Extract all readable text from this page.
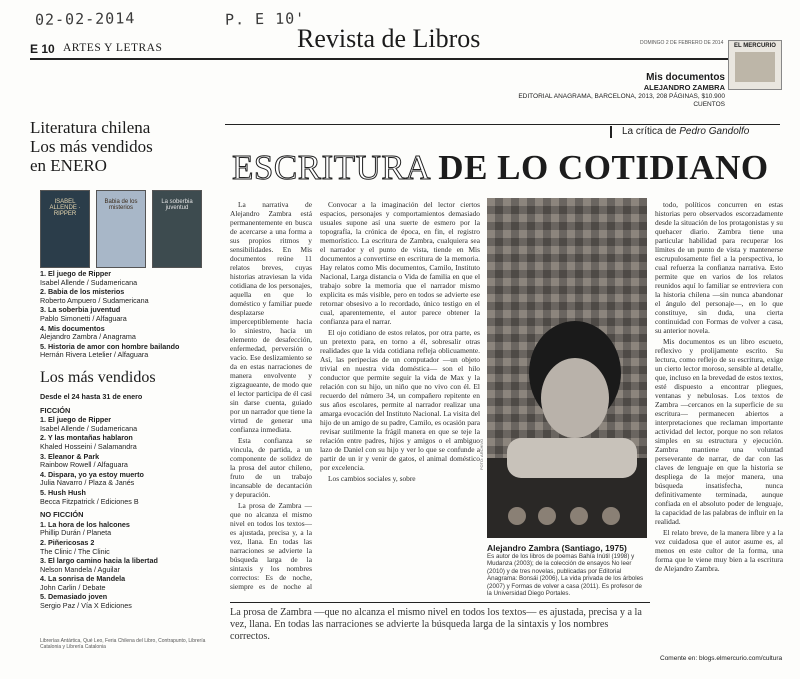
02-02-2014	P. E 10'
E 10 ARTES Y LETRAS	Revista de Libros	DOMINGO 2 DE FEBRERO DE 2014	EL MERCURIO
Mis documentos
ALEJANDRO ZAMBRA
EDITORIAL ANAGRAMA, BARCELONA, 2013, 208 PÁGINAS, $10.900
CUENTOS
La crítica de Pedro Gandolfo
ESCRITURA DE LO COTIDIANO
Literatura chilena
Los más vendidos
en ENERO
ISABEL ALLENDE · RIPPER
Babia de los misterios
La soberbia juventud
1. El juego de Ripper
Isabel Allende / Sudamericana
2. Babia de los misterios
Roberto Ampuero / Sudamericana
3. La soberbia juventud
Pablo Simonetti / Alfaguara
4. Mis documentos
Alejandro Zambra / Anagrama
5. Historia de amor con hombre bailando
Hernán Rivera Letelier / Alfaguara
Los más vendidos
Desde el 24 hasta 31 de enero
FICCIÓN
1. El juego de Ripper
Isabel Allende / Sudamericana
2. Y las montañas hablaron
Khaled Hosseini / Salamandra
3. Eleanor & Park
Rainbow Rowell / Alfaguara
4. Dispara, yo ya estoy muerto
Julia Navarro / Plaza & Janés
5. Hush Hush
Becca Fitzpatrick / Ediciones B
NO FICCIÓN
1. La hora de los halcones
Phillip Durán / Planeta
2. Piñericosas 2
The Clinic / The Clinic
3. El largo camino hacia la libertad
Nelson Mandela / Aguilar
4. La sonrisa de Mandela
John Carlin / Debate
5. Demasiado joven
Sergio Paz / Vía X Ediciones
Librerías Antártica, Qué Leo, Feria Chilena del Libro, Contrapunto, Librería Catalonia y Librería Catalonia

La narrativa de Alejandro Zambra está permanentemente en busca de acercarse a una forma a sus propios ritmos y sensibilidades. En Mis documentos reúne 11 relatos breves, cuyas historias atraviesan la vida cotidiana de los personajes, aquella en que lo doméstico y familiar puede desplazarse imperceptiblemente hacia lo siniestro, hacia un elemento de desafección, enfermedad, perversión o vacío. Ese deslizamiento se da en estas narraciones de manera envolvente y zigzagueante, de modo que el lector participa de él casi sin darse cuenta, guiado por un narrador que tiene la virtud de generar una confianza inmediata.

Esta confianza se vincula, de partida, a un componente de solidez de la prosa del autor chileno, fruto de un trabajo incansable de decantación y depuración.

La prosa de Zambra —que no alcanza el mismo nivel en todos los textos— es ajustada, precisa y, a la vez, llana. En todas las narraciones se advierte la búsqueda larga de la sintaxis y los nombres correctos: Es de noche, siempre es de noche al

Convocar a la imaginación del lector ciertos espacios, personajes y comportamientos demasiado usuales supone así una suerte de esmero por la topografía, la crónica de época, en fin, el registro memorístico. La escritura de Zambra, cualquiera sea el narrador y el punto de vista, tiende en Mis documentos a convertirse en escritura de la memoria. Hay relatos como Mis documentos, Camilo, Instituto Nacional, Larga distancia o Vida de familia en que el trabajo sobre la memoria que el narrador mismo explicita es más visible, pero en todos se advierte ese retornar obsesivo a lo recordado, único testigo en el cual, aparentemente, el autor parece obtener la confianza para el narrar.

El ojo cotidiano de estos relatos, por otra parte, es un pretexto para, en torno a él, sobresalir otras realidades que la vida cotidiana refleja oblicuamente. Así, las peripecias de un computador —un objeto trivial en nuestra vida doméstica— son el hilo conductor que permite seguir la vida de Max y la relación con su hijo, un niño que no vivo con él. El recuerdo del número 34, un compañero repitente en sus años escolares, permite al narrador realizar una amarga evocación del Instituto Nacional. La visita del hijo de un amigo de su padre, Camilo, es ocasión para revisar sutilmente la frágil manera en que se teje la relación entre padres, hijos y amigos o el ambiguo lazo de Daniel con su hijo y ver lo que se confunde a partir de un ir y venir de gatos, el animal doméstico por excelencia.

Los cambios sociales y, sobre

todo, políticos concurren en estas historias pero observados escorzadamente desde la situación de los protagonistas y su quehacer diario. Zambra tiene una particular habilidad para recuperar los límites de un punto de vista y mantenerse escrupulosamente fiel a la perspectiva, lo cual refuerza la confianza narrativa. Esto permite que en varios de los relatos reunidos aquí lo familiar se entreviera con la historia chilena —sin nunca abandonar el ángulo del personaje—, en lo que constituye, sin duda, una cierta continuidad con Formas de volver a casa, su anterior novela.

Mis documentos es un libro escueto, reflexivo y prolijamente escrito. Su lectura, como reflejo de su escritura, exige un cierto lector moroso, sensible al detalle, que, incluso en la brevedad de estos textos, esté dispuesto a encontrar pliegues, ventanas y nebulosas. Los textos de Zambra —cercanos en la superficie de su escritura— permanecen abiertos a interpretaciones que reclaman importante actividad del lector, porque no son relatos simples en su estructura y ejecución. Zambra mantiene una voluntad perseverante de narrar, de dar con las claves de lenguaje en que la historia se despliega de la mejor manera, una búsqueda insatisfecha, nunca definitivamente terminada, aunque confiada en el absoluto poder de lenguaje, la capacidad de las palabras de influir en la realidad.

El relato breve, de la manera libre y a la vez cuidadosa que el autor asume es, al menos en este cultor de la forma, una forma que le viene muy bien a la escritura de Alejandro Zambra.

FOTO: ARCHIVO
Alejandro Zambra (Santiago, 1975)
Es autor de los libros de poemas Bahía Inútil (1998) y Mudanza (2003); de la colección de ensayos No leer (2010) y de tres novelas, publicadas por Editorial Anagrama: Bonsái (2006), La vida privada de los árboles (2007) y Formas de volver a casa (2011). Es profesor de la Universidad Diego Portales.
La prosa de Zambra —que no alcanza el mismo nivel en todos los textos— es ajustada, precisa y a la vez, llana. En todas las narraciones se advierte la búsqueda larga de la sintaxis y los nombres correctos.
Comente en: blogs.elmercurio.com/cultura
